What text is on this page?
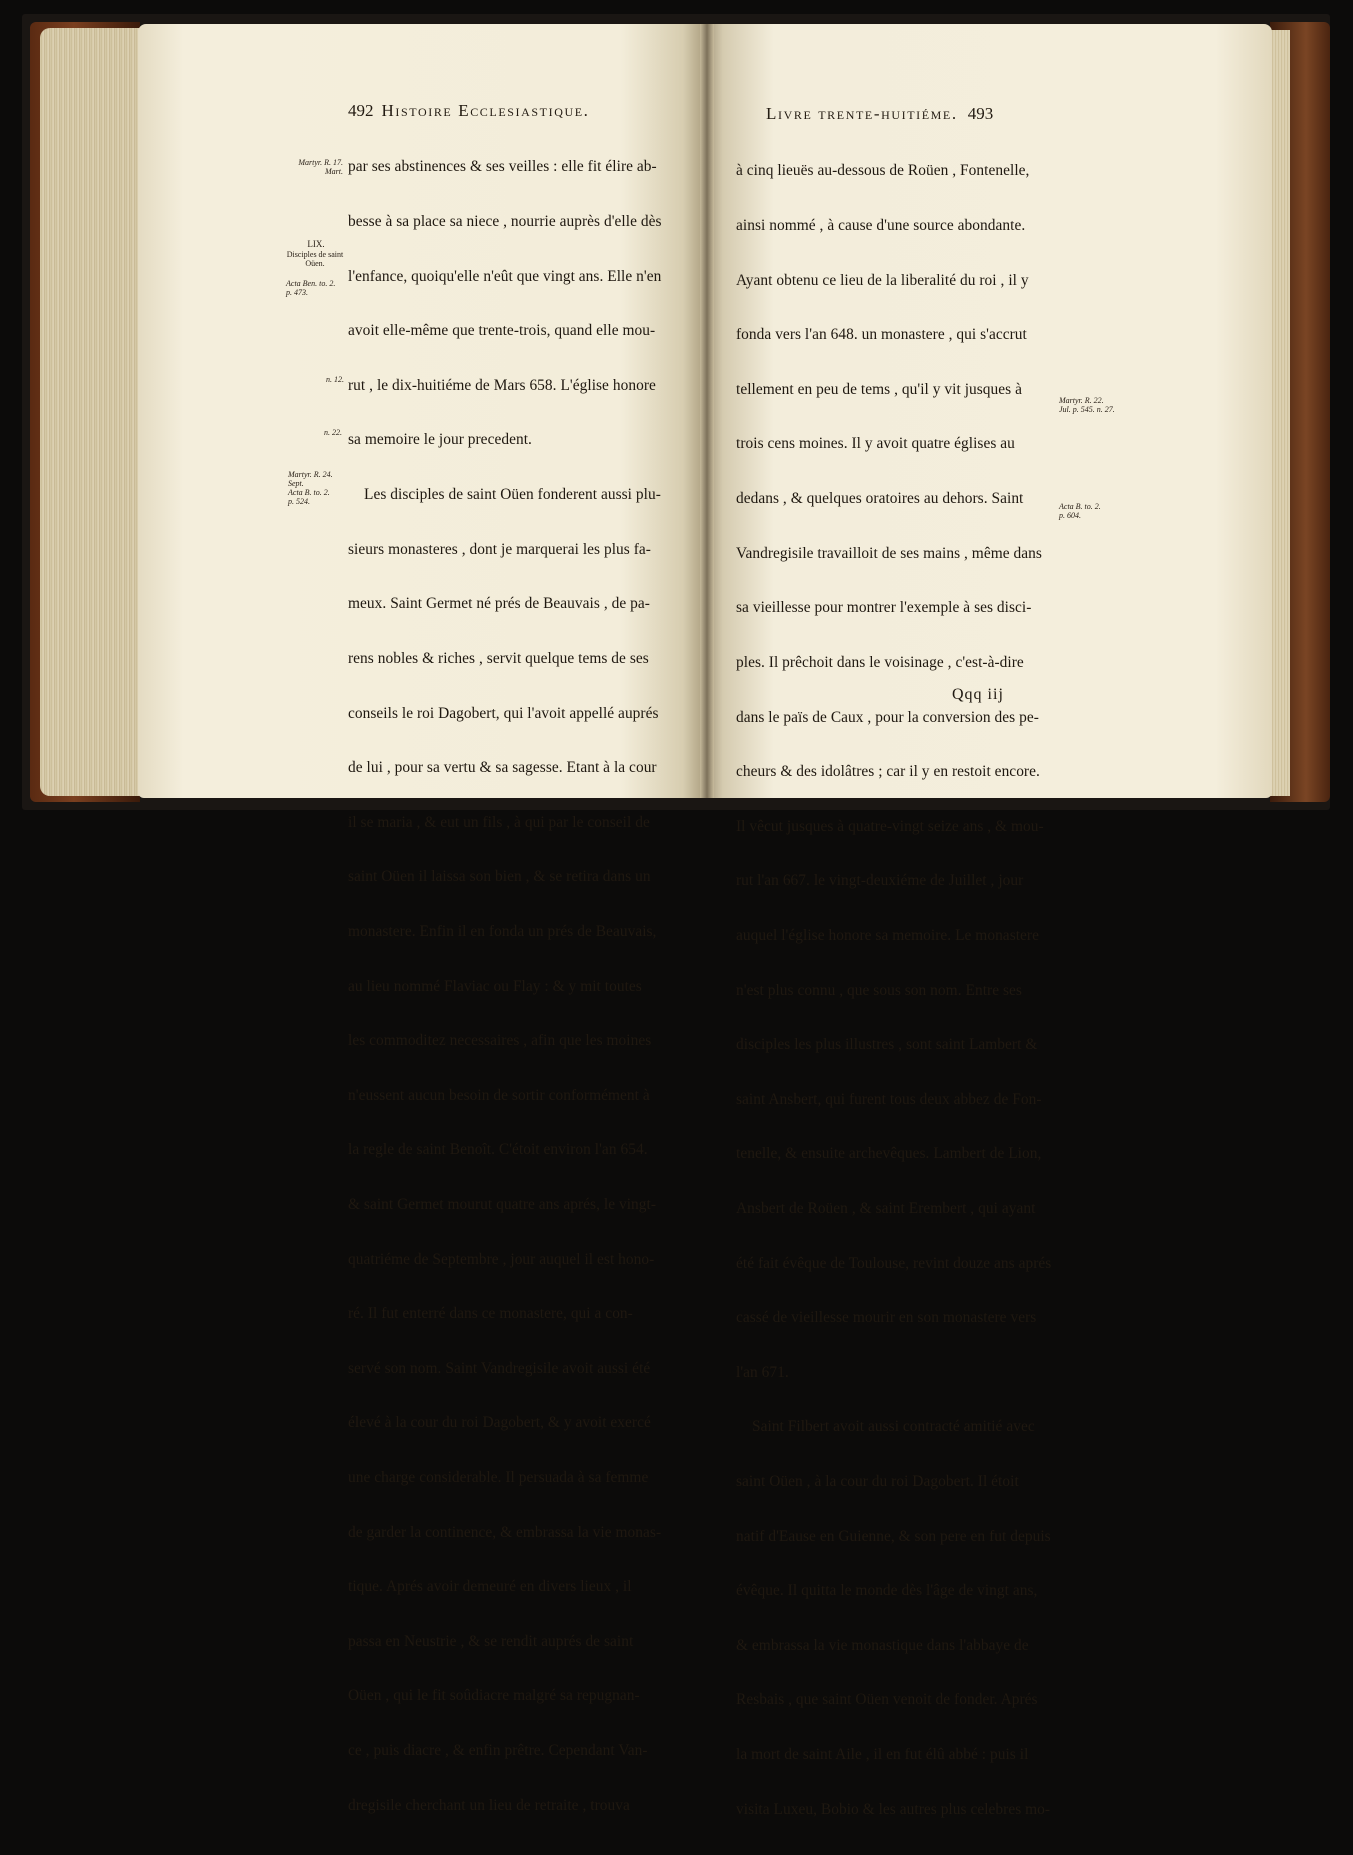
492 Histoire Ecclesiastique.

par ses abstinences & ses veilles : elle fit élire ab-

besse à sa place sa niece , nourrie auprès d'elle dès

l'enfance, quoiqu'elle n'eût que vingt ans. Elle n'en

avoit elle-même que trente-trois, quand elle mou-

rut , le dix-huitiéme de Mars 658. L'église honore

sa memoire le jour precedent.

Les disciples de saint Oüen fonderent aussi plu-

sieurs monasteres , dont je marquerai les plus fa-

meux. Saint Germet né prés de Beauvais , de pa-

rens nobles & riches , servit quelque tems de ses

conseils le roi Dagobert, qui l'avoit appellé auprés

de lui , pour sa vertu & sa sagesse. Etant à la cour

il se maria , & eut un fils , à qui par le conseil de

saint Oüen il laissa son bien , & se retira dans un

monastere. Enfin il en fonda un prés de Beauvais,

au lieu nommé Flaviac ou Flay : & y mit toutes

les commoditez necessaires , afin que les moines

n'eussent aucun besoin de sortir conformément à

la regle de saint Benoît. C'étoit environ l'an 654.

& saint Germet mourut quatre ans aprés, le vingt-

quatriéme de Septembre , jour auquel il est hono-

ré. Il fut enterré dans ce monastere, qui a con-

servé son nom. Saint Vandregisile avoit aussi été

élevé à la cour du roi Dagobert, & y avoit exercé

une charge considerable. Il persuada à sa femme

de garder la continence, & embrassa la vie monas-

tique. Aprés avoir demeuré en divers lieux , il

passa en Neustrie , & se rendit auprés de saint

Oüen , qui le fit soûdiacre malgré sa repugnan-

ce , puis diacre , & enfin prêtre. Cependant Van-

dregisile cherchant un lieu de retraite , trouva

Martyr. R. 17.
Mart.
LIX.
Disciples de saint
Oüen.
Acta Ben. to. 2.
p. 473.
n. 12.
n. 22.
Martyr. R. 24.
Sept.
Acta B. to. 2.
p. 524.
Livre trente-huitiéme. 493

à cinq lieuës au-dessous de Roüen , Fontenelle,

ainsi nommé , à cause d'une source abondante.

Ayant obtenu ce lieu de la liberalité du roi , il y

fonda vers l'an 648. un monastere , qui s'accrut

tellement en peu de tems , qu'il y vit jusques à

trois cens moines. Il y avoit quatre églises au

dedans , & quelques oratoires au dehors. Saint

Vandregisile travailloit de ses mains , même dans

sa vieillesse pour montrer l'exemple à ses disci-

ples. Il prêchoit dans le voisinage , c'est-à-dire

dans le païs de Caux , pour la conversion des pe-

cheurs & des idolâtres ; car il y en restoit encore.

Il vêcut jusques à quatre-vingt seize ans , & mou-

rut l'an 667. le vingt-deuxiéme de Juillet , jour

auquel l'église honore sa memoire. Le monastere

n'est plus connu , que sous son nom. Entre ses

disciples les plus illustres , sont saint Lambert &

saint Ansbert, qui furent tous deux abbez de Fon-

tenelle, & ensuite archevêques. Lambert de Lion,

Ansbert de Roüen , & saint Erembert , qui ayant

été fait évêque de Toulouse, revint douze ans aprés

cassé de vieillesse mourir en son monastere vers

l'an 671.

Saint Filbert avoit aussi contracté amitié avec

saint Oüen , à la cour du roi Dagobert. Il étoit

natif d'Eause en Guienne, & son pere en fut depuis

évêque. Il quitta le monde dès l'âge de vingt ans,

& embrassa la vie monastique dans l'abbaye de

Resbais , que saint Oüen venoit de fonder. Aprés

la mort de saint Aile , il en fut élû abbé : puis il

visita Luxeu, Bobio & les autres plus celebres mo-

Qqq iij
Martyr. R. 22.
Jul. p. 545. n. 27.
Acta B. to. 2.
p. 604.
